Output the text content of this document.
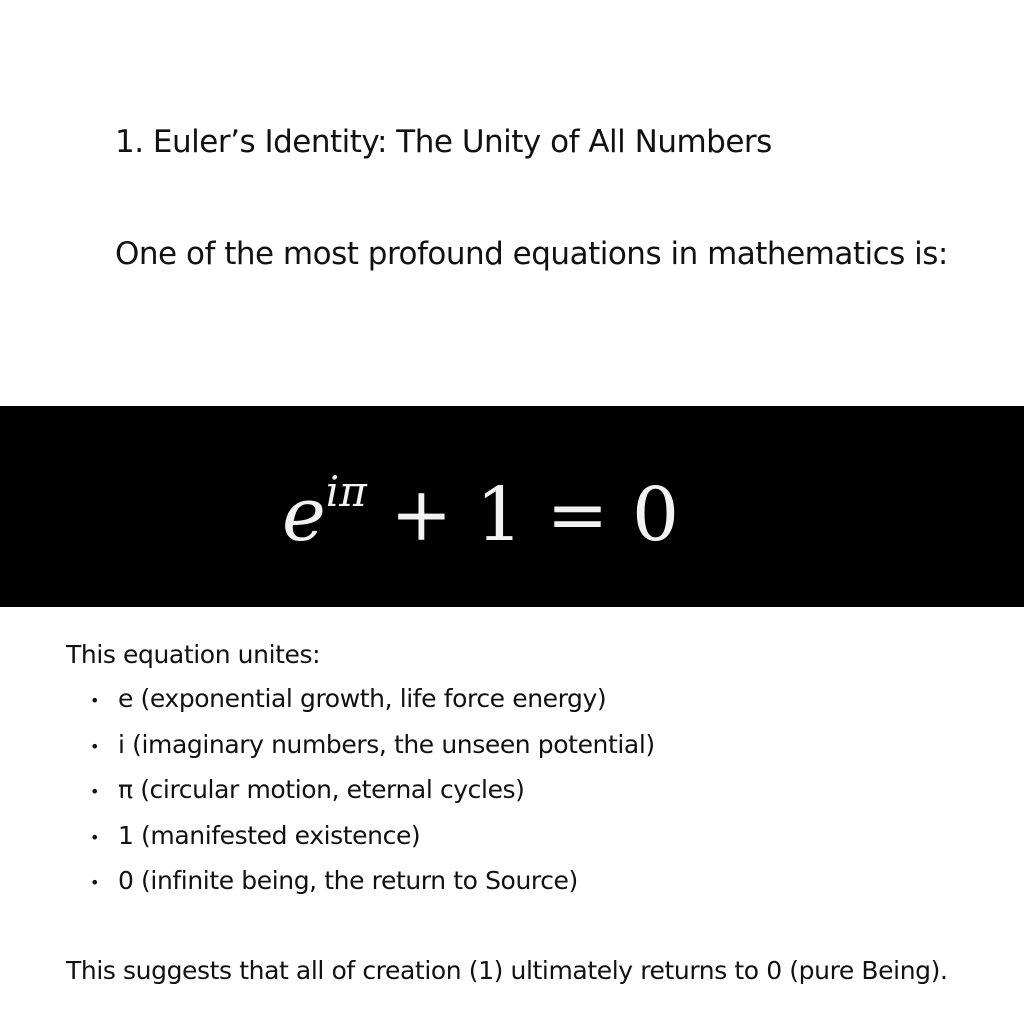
1. Euler’s Identity: The Unity of All Numbers

One of the most profound equations in mathematics is:

$e^{i\pi} + 1 = 0$

This equation unites:

• e (exponential growth, life force energy)
• i (imaginary numbers, the unseen potential)
• π (circular motion, eternal cycles)
• 1 (manifested existence)
• 0 (infinite being, the return to Source)

This suggests that all of creation (1) ultimately returns to 0 (pure Being).
